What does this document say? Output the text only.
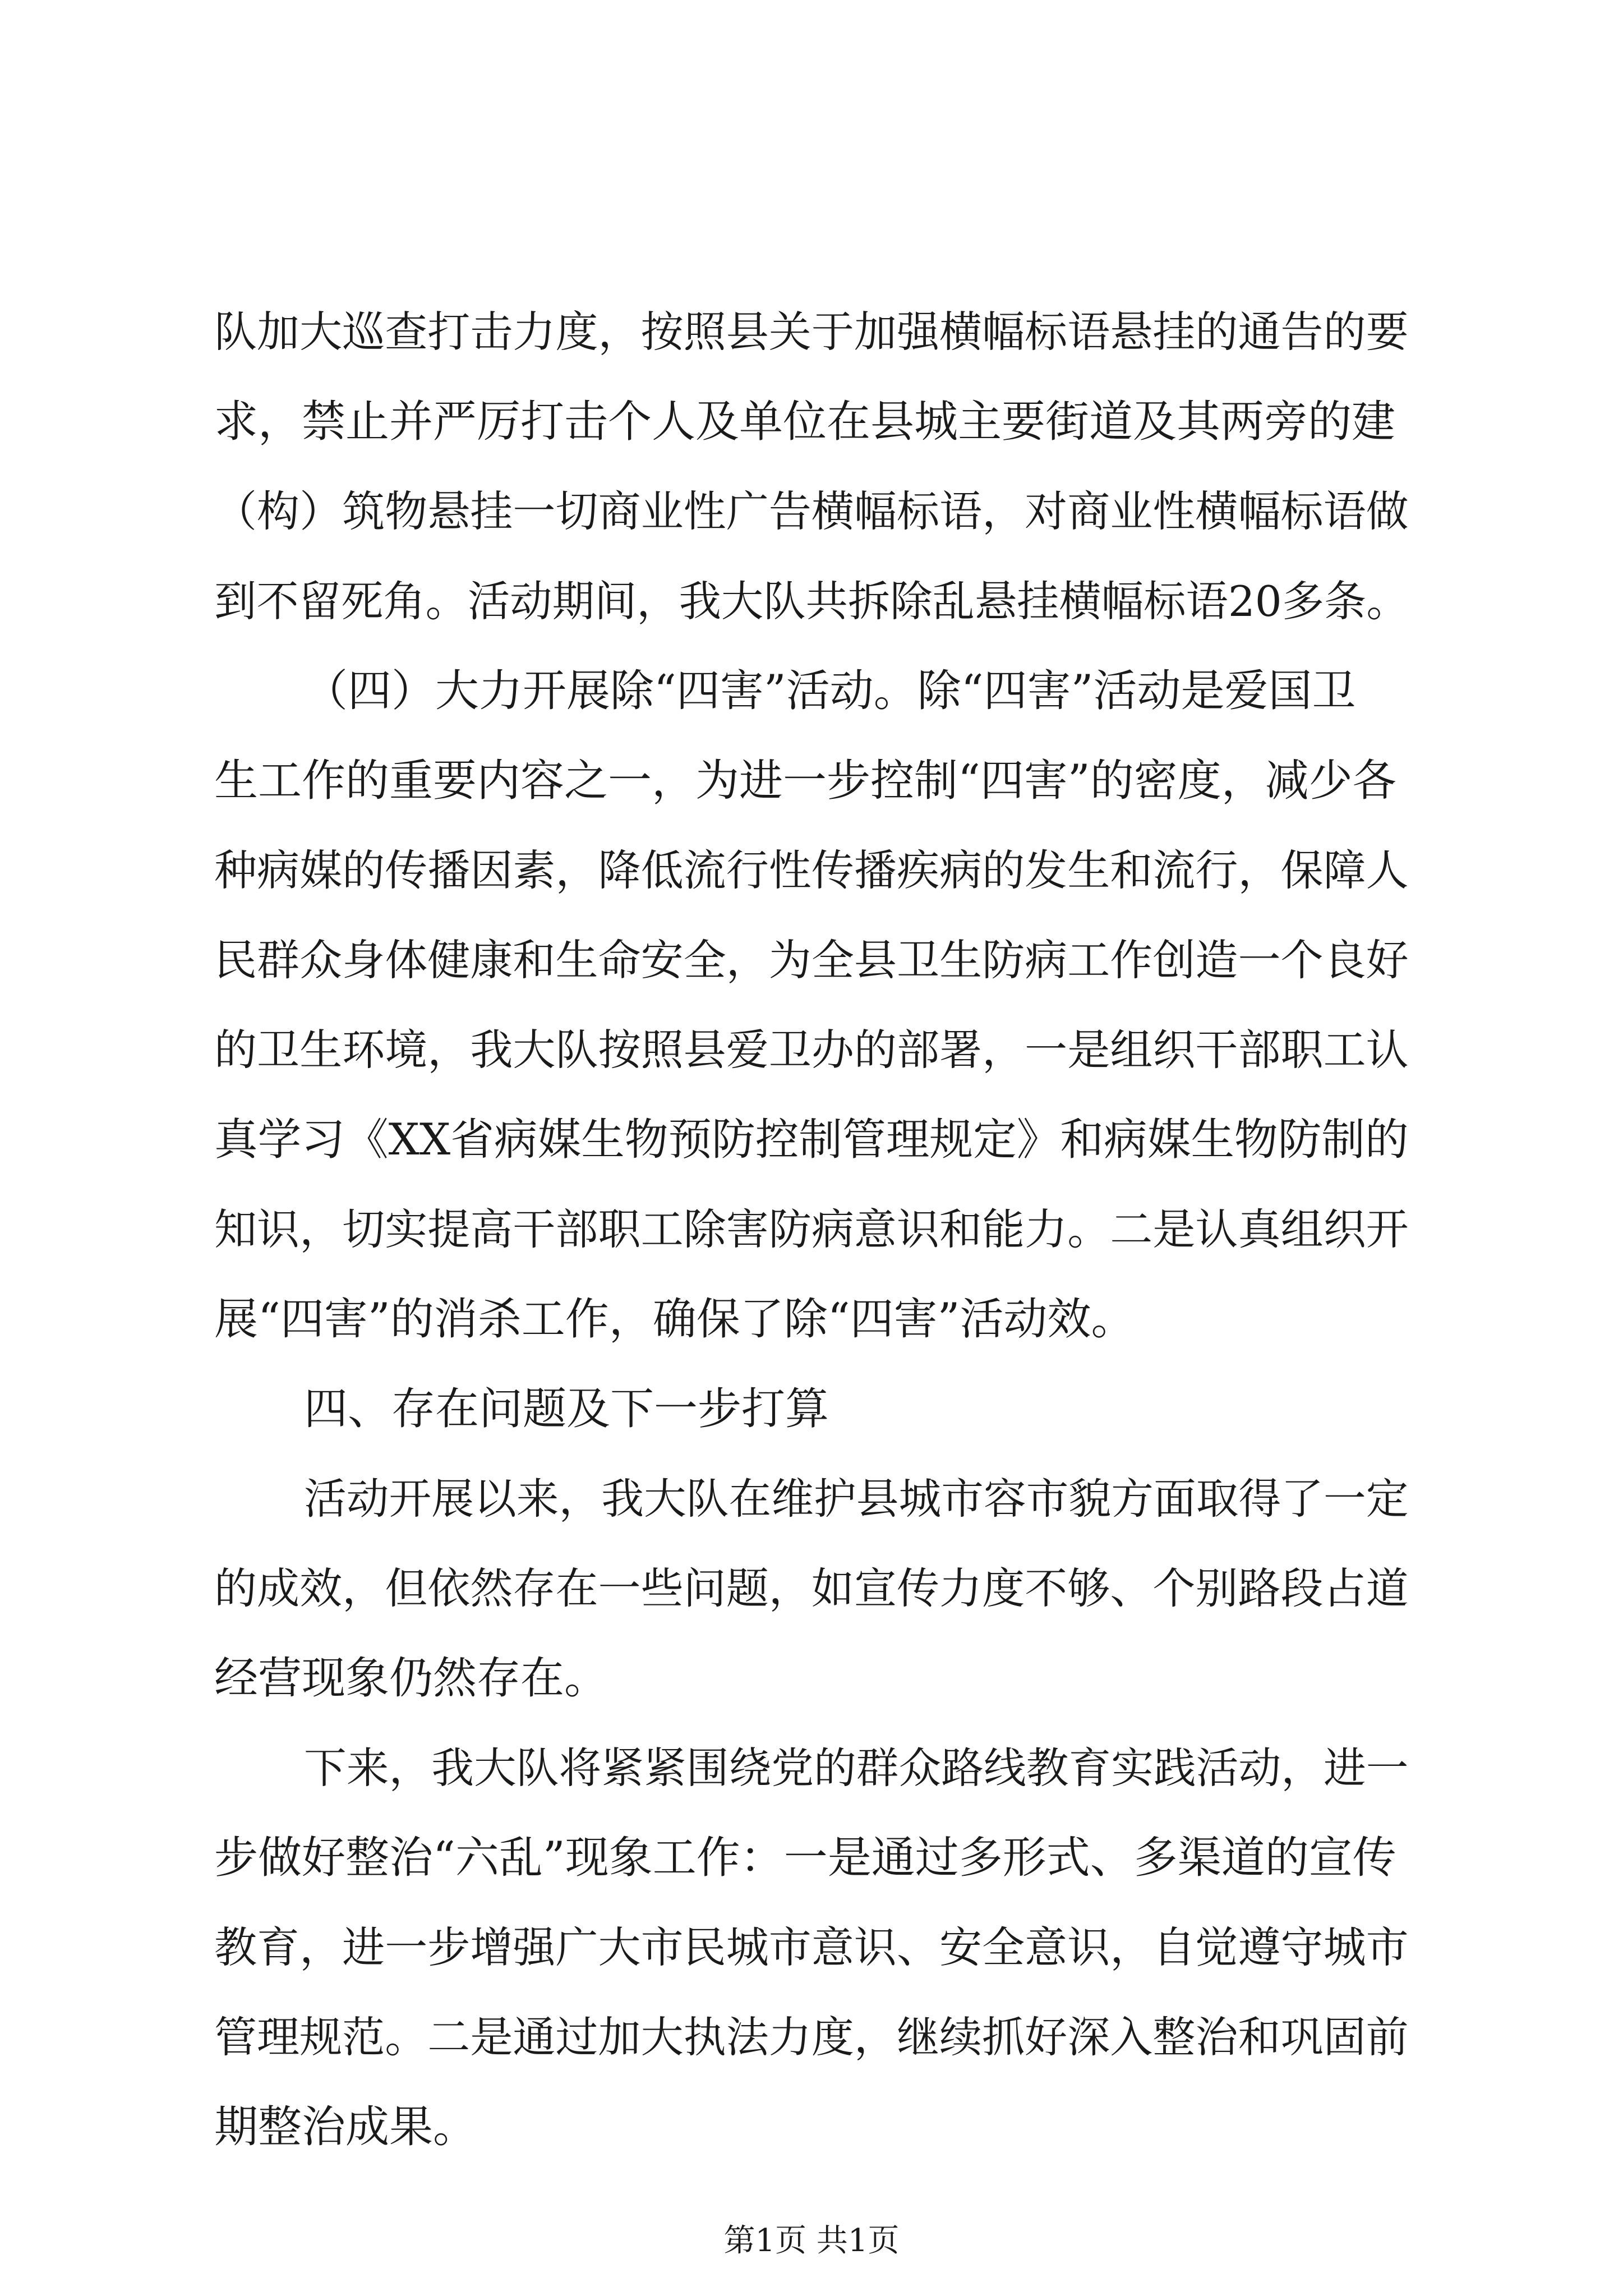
队加大巡查打击力度，按照县关于加强横幅标语悬挂的通告的要
求，禁止并严厉打击个人及单位在县城主要街道及其两旁的建
（构）筑物悬挂一切商业性广告横幅标语，对商业性横幅标语做
到不留死角。活动期间，我大队共拆除乱悬挂横幅标语20多条。
（四）大力开展除“四害”活动。除“四害”活动是爱国卫
生工作的重要内容之一，为进一步控制“四害”的密度，减少各
种病媒的传播因素，降低流行性传播疾病的发生和流行，保障人
民群众身体健康和生命安全，为全县卫生防病工作创造一个良好
的卫生环境，我大队按照县爱卫办的部署，一是组织干部职工认
真学习《XX省病媒生物预防控制管理规定》和病媒生物防制的
知识，切实提高干部职工除害防病意识和能力。二是认真组织开
展“四害”的消杀工作，确保了除“四害”活动效。
四、存在问题及下一步打算
活动开展以来，我大队在维护县城市容市貌方面取得了一定
的成效，但依然存在一些问题，如宣传力度不够、个别路段占道
经营现象仍然存在。
下来，我大队将紧紧围绕党的群众路线教育实践活动，进一
步做好整治“六乱”现象工作：一是通过多形式、多渠道的宣传
教育，进一步增强广大市民城市意识、安全意识，自觉遵守城市
管理规范。二是通过加大执法力度，继续抓好深入整治和巩固前
期整治成果。
第1页 共1页
